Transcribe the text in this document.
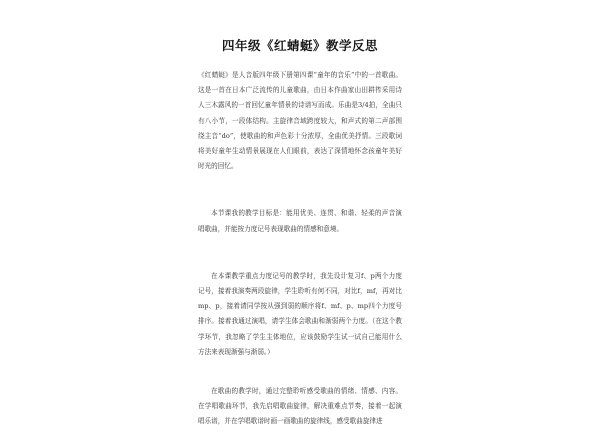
四年级《红蜻蜓》教学反思

《红蜻蜓》是人音版四年级下册第四课“童年的音乐”中的一首歌曲。这是一首在日本广泛流传的儿童歌曲，由日本作曲家山田耕筰采用诗人三木露风的一首回忆童年情景的诗谱写而成。乐曲是3/4拍，全曲只有八小节，一段体结构。主旋律音域跨度较大，和声式的第二声部围绕主音“do”，使歌曲的和声色彩十分浓厚，全曲优美抒情。三段歌词将美好童年生动情景展现在人们眼前，表达了深情地怀念孩童年美好时光的回忆。

本节课我的教学目标是：能用优美、连贯、和谐、轻柔的声音演唱歌曲，并能按力度记号表现歌曲的情感和意境。

在本课教学重点力度记号的教学时，我先设计复习f、p两个力度记号，接着我演奏两段旋律，学生聆听有何不同，对比f，mf，再对比mp、p，接着请同学按从强到弱的顺序将f、mf、p、mp四个力度号排序。接着我通过演唱，请学生体会歌曲和渐弱两个力度。（在这个教学环节，我忽略了学生主体地位，应该鼓励学生试一试自己能用什么方法来表现渐强与渐弱。）

在歌曲的教学时，通过完整聆听感受歌曲的情绪、情感、内容。在学唱歌曲环节，我先启唱歌曲旋律，解决重难点节奏，接着一起演唱乐谱，并在学唱歌谱时画一画歌曲的旋律线，感受歌曲旋律进
